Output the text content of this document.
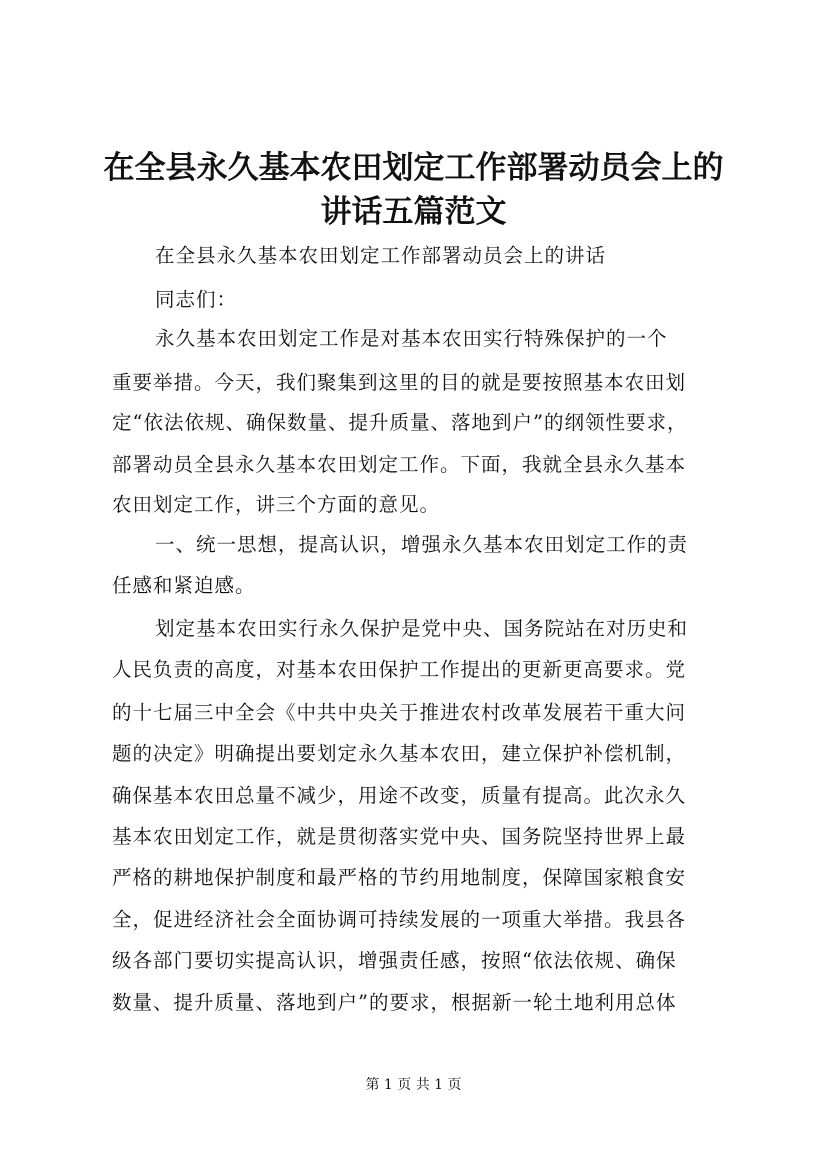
在全县永久基本农田划定工作部署动员会上的
讲话五篇范文
在全县永久基本农田划定工作部署动员会上的讲话
同志们：
永久基本农田划定工作是对基本农田实行特殊保护的一个
重要举措。今天，我们聚集到这里的目的就是要按照基本农田划
定“依法依规、确保数量、提升质量、落地到户”的纲领性要求，
部署动员全县永久基本农田划定工作。下面，我就全县永久基本
农田划定工作，讲三个方面的意见。
一、统一思想，提高认识，增强永久基本农田划定工作的责
任感和紧迫感。
划定基本农田实行永久保护是党中央、国务院站在对历史和
人民负责的高度，对基本农田保护工作提出的更新更高要求。党
的十七届三中全会《中共中央关于推进农村改革发展若干重大问
题的决定》明确提出要划定永久基本农田，建立保护补偿机制，
确保基本农田总量不减少，用途不改变，质量有提高。此次永久
基本农田划定工作，就是贯彻落实党中央、国务院坚持世界上最
严格的耕地保护制度和最严格的节约用地制度，保障国家粮食安
全，促进经济社会全面协调可持续发展的一项重大举措。我县各
级各部门要切实提高认识，增强责任感，按照“依法依规、确保
数量、提升质量、落地到户”的要求，根据新一轮土地利用总体
第 1 页 共 1 页
